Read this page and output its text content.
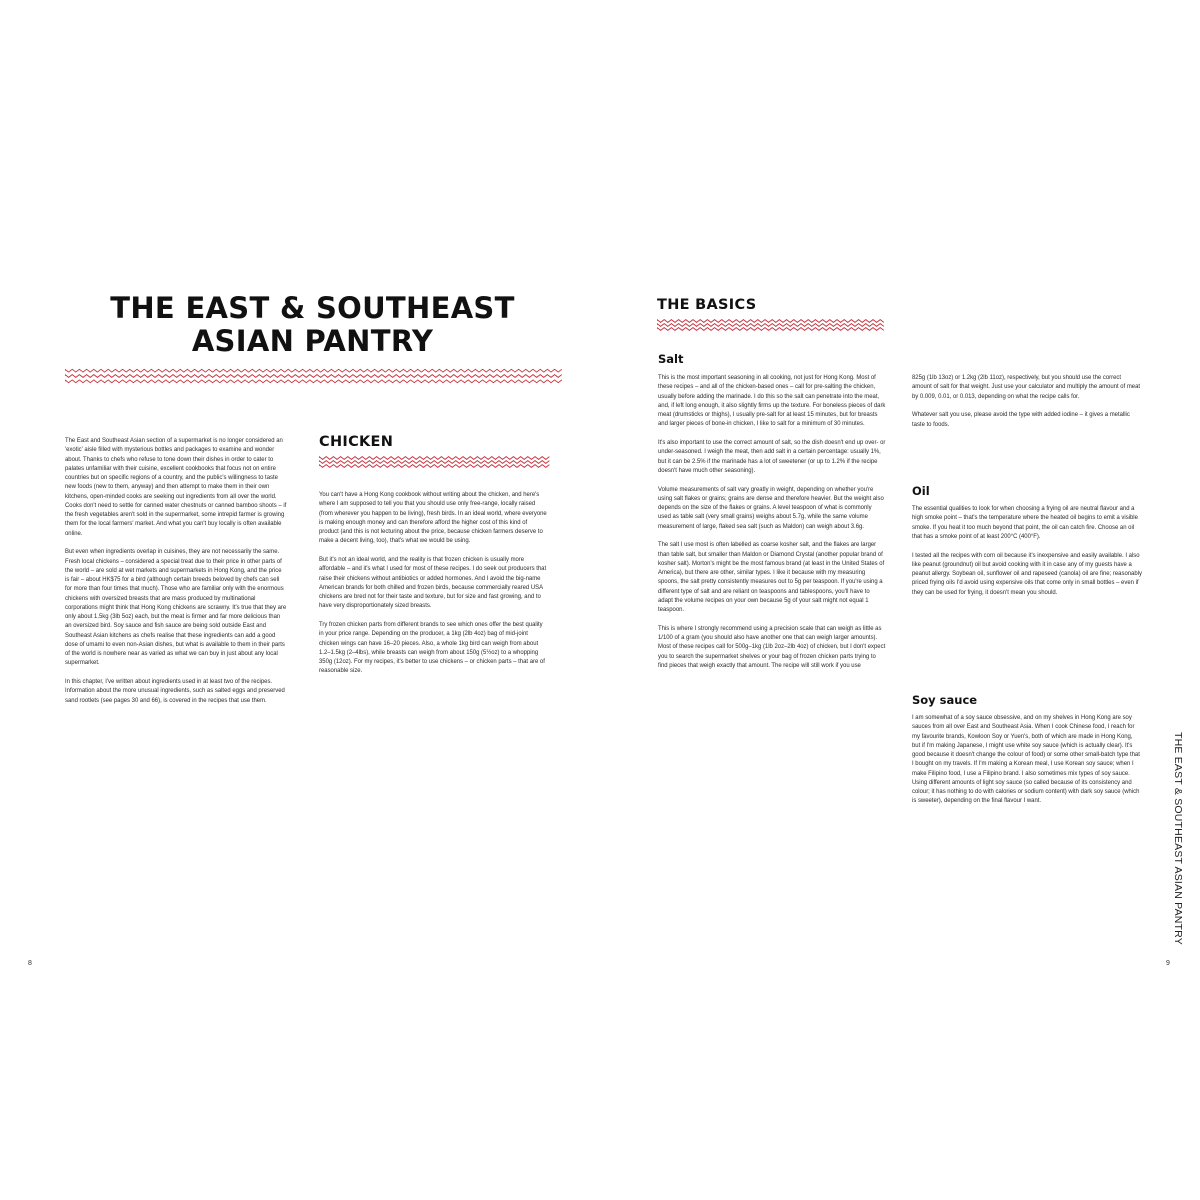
THE EAST & SOUTHEAST
ASIAN PANTRY

The East and Southeast Asian section of a supermarket is no longer considered an 'exotic' aisle filled with mysterious bottles and packages to examine and wonder about. Thanks to chefs who refuse to tone down their dishes in order to cater to palates unfamiliar with their cuisine, excellent cookbooks that focus not on entire countries but on specific regions of a country, and the public's willingness to taste new foods (new to them, anyway) and then attempt to make them in their own kitchens, open-minded cooks are seeking out ingredients from all over the world. Cooks don't need to settle for canned water chestnuts or canned bamboo shoots – if the fresh vegetables aren't sold in the supermarket, some intrepid farmer is growing them for the local farmers' market. And what you can't buy locally is often available online.

But even when ingredients overlap in cuisines, they are not necessarily the same. Fresh local chickens – considered a special treat due to their price in other parts of the world – are sold at wet markets and supermarkets in Hong Kong, and the price is fair – about HK$75 for a bird (although certain breeds beloved by chefs can sell for more than four times that much). Those who are familiar only with the enormous chickens with oversized breasts that are mass produced by multinational corporations might think that Hong Kong chickens are scrawny. It's true that they are only about 1.5kg (3lb 5oz) each, but the meat is firmer and far more delicious than an oversized bird. Soy sauce and fish sauce are being sold outside East and Southeast Asian kitchens as chefs realise that these ingredients can add a good dose of umami to even non-Asian dishes, but what is available to them in their parts of the world is nowhere near as varied as what we can buy in just about any local supermarket.

In this chapter, I've written about ingredients used in at least two of the recipes. Information about the more unusual ingredients, such as salted eggs and preserved sand rootlets (see pages 30 and 66), is covered in the recipes that use them.

CHICKEN

You can't have a Hong Kong cookbook without writing about the chicken, and here's where I am supposed to tell you that you should use only free-range, locally raised (from wherever you happen to be living), fresh birds. In an ideal world, where everyone is making enough money and can therefore afford the higher cost of this kind of product (and this is not lecturing about the price, because chicken farmers deserve to make a decent living, too), that's what we would be using.

But it's not an ideal world, and the reality is that frozen chicken is usually more affordable – and it's what I used for most of these recipes. I do seek out producers that raise their chickens without antibiotics or added hormones. And I avoid the big-name American brands for both chilled and frozen birds, because commercially reared USA chickens are bred not for their taste and texture, but for size and fast growing, and to have very disproportionately sized breasts.

Try frozen chicken parts from different brands to see which ones offer the best quality in your price range. Depending on the producer, a 1kg (2lb 4oz) bag of mid-joint chicken wings can have 16–20 pieces. Also, a whole 1kg bird can weigh from about 1.2–1.5kg (2–4lbs), while breasts can weigh from about 150g (5½oz) to a whopping 350g (12oz). For my recipes, it's better to use chickens – or chicken parts – that are of reasonable size.

8
THE BASICS
Salt

This is the most important seasoning in all cooking, not just for Hong Kong. Most of these recipes – and all of the chicken-based ones – call for pre-salting the chicken, usually before adding the marinade. I do this so the salt can penetrate into the meat, and, if left long enough, it also slightly firms up the texture. For boneless pieces of dark meat (drumsticks or thighs), I usually pre-salt for at least 15 minutes, but for breasts and larger pieces of bone-in chicken, I like to salt for a minimum of 30 minutes.

It's also important to use the correct amount of salt, so the dish doesn't end up over- or under-seasoned. I weigh the meat, then add salt in a certain percentage: usually 1%, but it can be 2.5% if the marinade has a lot of sweetener (or up to 1.2% if the recipe doesn't have much other seasoning).

Volume measurements of salt vary greatly in weight, depending on whether you're using salt flakes or grains; grains are dense and therefore heavier. But the weight also depends on the size of the flakes or grains. A level teaspoon of what is commonly used as table salt (very small grains) weighs about 5.7g, while the same volume measurement of large, flaked sea salt (such as Maldon) can weigh about 3.6g.

The salt I use most is often labelled as coarse kosher salt, and the flakes are larger than table salt, but smaller than Maldon or Diamond Crystal (another popular brand of kosher salt). Morton's might be the most famous brand (at least in the United States of America), but there are other, similar types. I like it because with my measuring spoons, the salt pretty consistently measures out to 5g per teaspoon. If you're using a different type of salt and are reliant on teaspoons and tablespoons, you'll have to adapt the volume recipes on your own because 5g of your salt might not equal 1 teaspoon.

This is where I strongly recommend using a precision scale that can weigh as little as 1/100 of a gram (you should also have another one that can weigh larger amounts). Most of these recipes call for 500g–1kg (1lb 2oz–2lb 4oz) of chicken, but I don't expect you to search the supermarket shelves or your bag of frozen chicken parts trying to find pieces that weigh exactly that amount. The recipe will still work if you use

825g (1lb 13oz) or 1.2kg (2lb 11oz), respectively, but you should use the correct amount of salt for that weight. Just use your calculator and multiply the amount of meat by 0.009, 0.01, or 0.013, depending on what the recipe calls for.

Whatever salt you use, please avoid the type with added iodine – it gives a metallic taste to foods.

Oil

The essential qualities to look for when choosing a frying oil are neutral flavour and a high smoke point – that's the temperature where the heated oil begins to emit a visible smoke. If you heat it too much beyond that point, the oil can catch fire. Choose an oil that has a smoke point of at least 200°C (400°F).

I tested all the recipes with corn oil because it's inexpensive and easily available. I also like peanut (groundnut) oil but avoid cooking with it in case any of my guests have a peanut allergy. Soybean oil, sunflower oil and rapeseed (canola) oil are fine; reasonably priced frying oils I'd avoid using expensive oils that come only in small bottles – even if they can be used for frying, it doesn't mean you should.

Soy sauce

I am somewhat of a soy sauce obsessive, and on my shelves in Hong Kong are soy sauces from all over East and Southeast Asia. When I cook Chinese food, I reach for my favourite brands, Kowloon Soy or Yuen's, both of which are made in Hong Kong, but if I'm making Japanese, I might use white soy sauce (which is actually clear). It's good because it doesn't change the colour of food) or some other small-batch type that I bought on my travels. If I'm making a Korean meal, I use Korean soy sauce; when I make Filipino food, I use a Filipino brand. I also sometimes mix types of soy sauce. Using different amounts of light soy sauce (so called because of its consistency and colour; it has nothing to do with calories or sodium content) with dark soy sauce (which is sweeter), depending on the final flavour I want.	THE EAST & SOUTHEAST ASIAN PANTRY
9
